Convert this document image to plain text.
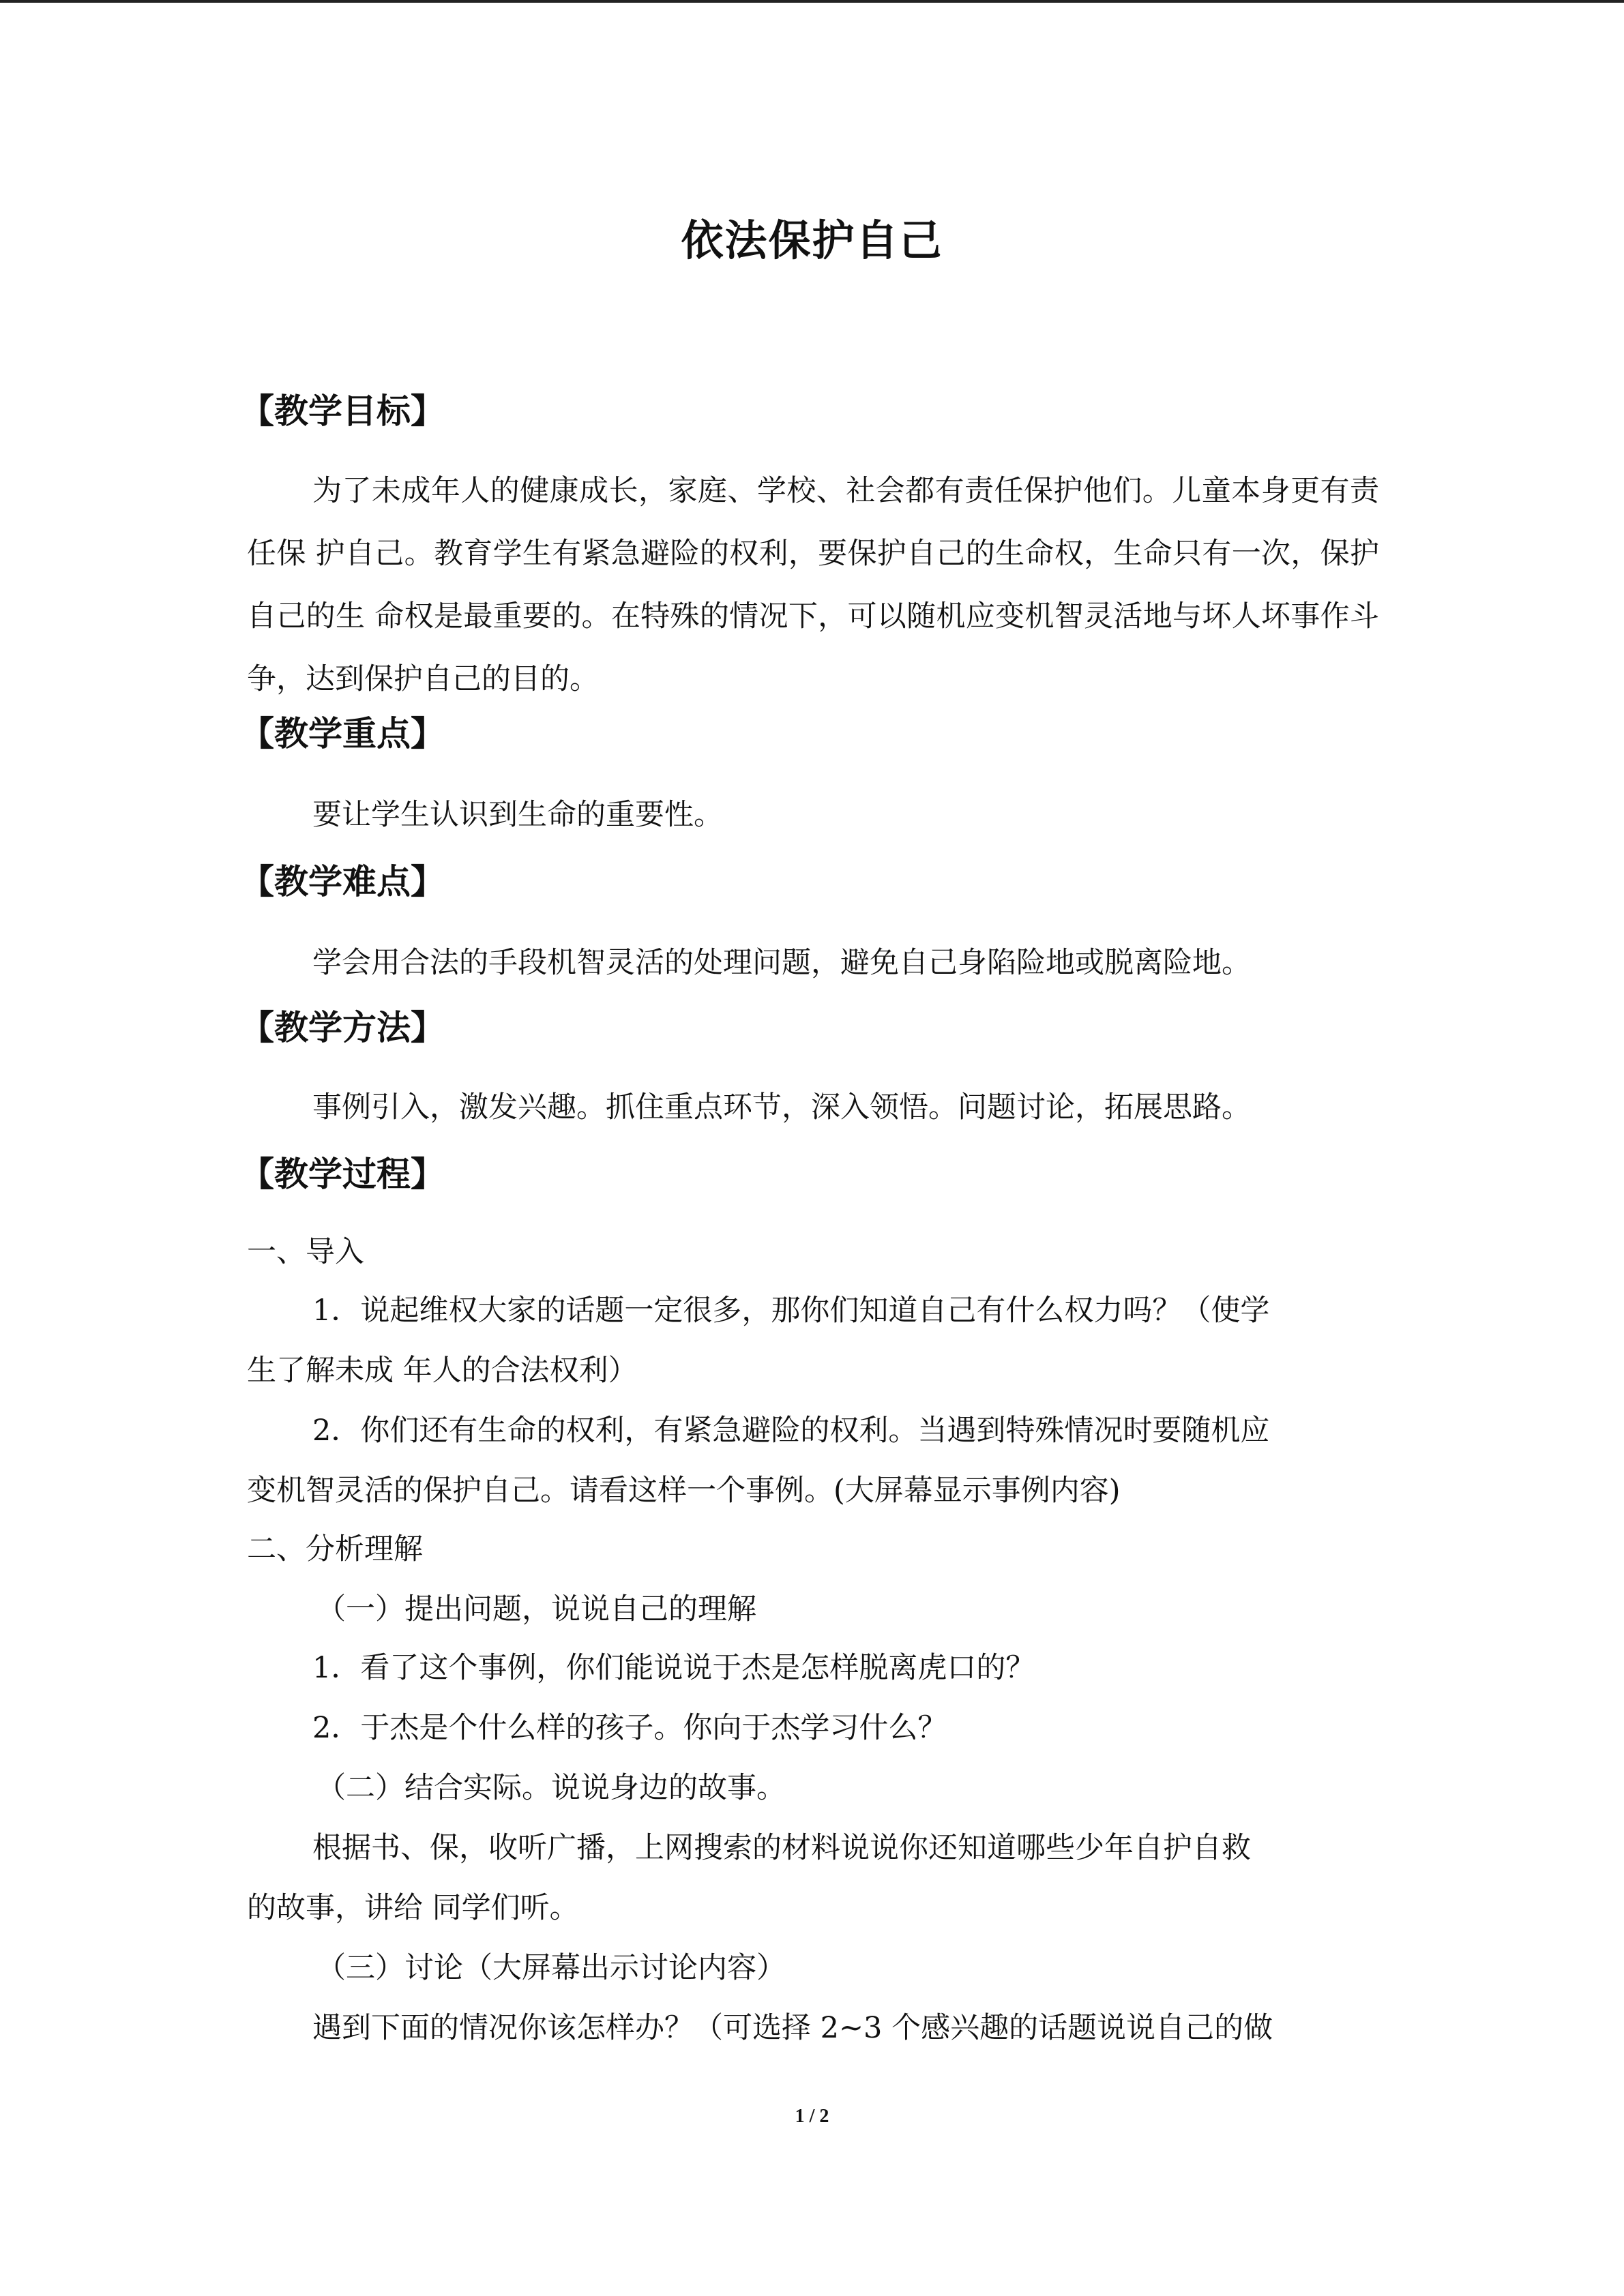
依法保护自己
【教学目标】

为了未成年人的健康成长，家庭、学校、社会都有责任保护他们。儿童本身更有责任保 护自己。教育学生有紧急避险的权利，要保护自己的生命权，生命只有一次，保护自己的生 命权是最重要的。在特殊的情况下，可以随机应变机智灵活地与坏人坏事作斗争，达到保护自己的目的。

【教学重点】

要让学生认识到生命的重要性。

【教学难点】

学会用合法的手段机智灵活的处理问题，避免自己身陷险地或脱离险地。

【教学方法】

事例引入，激发兴趣。抓住重点环节，深入领悟。问题讨论，拓展思路。

【教学过程】

一、导入

1．说起维权大家的话题一定很多，那你们知道自己有什么权力吗？（使学

生了解未成 年人的合法权利）

2．你们还有生命的权利，有紧急避险的权利。当遇到特殊情况时要随机应

变机智灵活的保护自己。请看这样一个事例。(大屏幕显示事例内容)

二、分析理解

（一）提出问题，说说自己的理解

1．看了这个事例，你们能说说于杰是怎样脱离虎口的？

2．于杰是个什么样的孩子。你向于杰学习什么？

（二）结合实际。说说身边的故事。

根据书、保，收听广播，上网搜索的材料说说你还知道哪些少年自护自救

的故事，讲给 同学们听。

（三）讨论（大屏幕出示讨论内容）

遇到下面的情况你该怎样办？（可选择 2~3 个感兴趣的话题说说自己的做

1 / 2
